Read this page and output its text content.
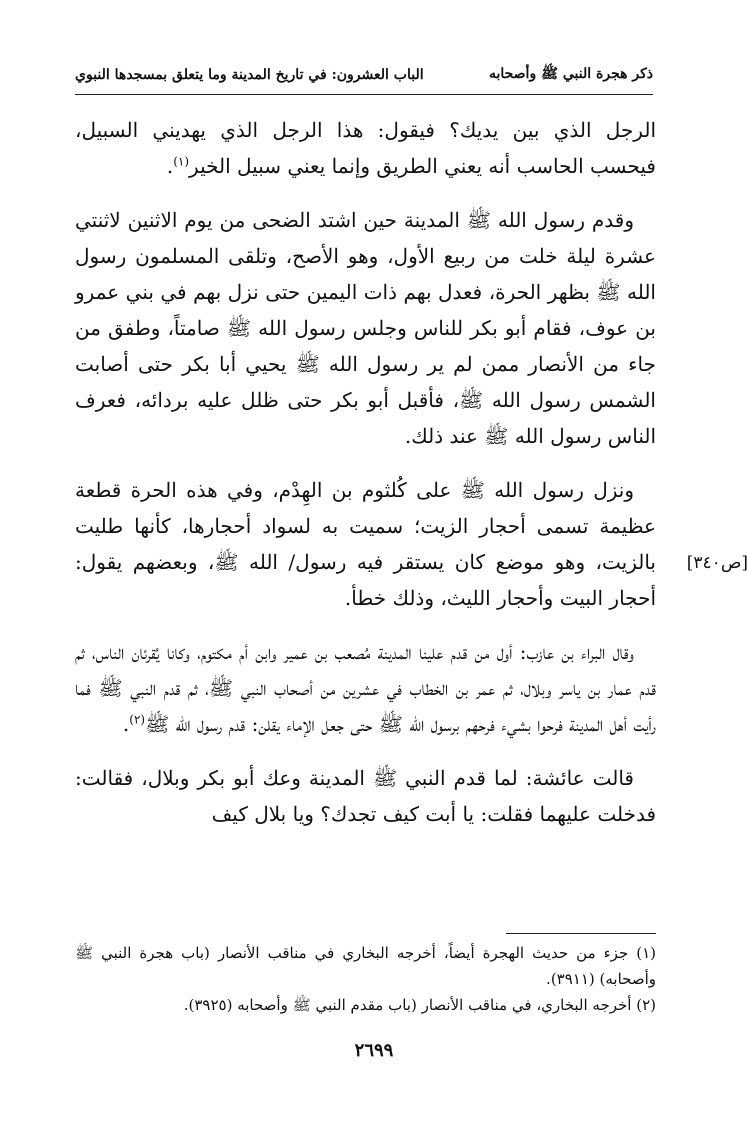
ذكر هجرة النبي ﷺ وأصحابه
الباب العشرون: في تاريخ المدينة وما يتعلق بمسجدها النبوي

الرجل الذي بين يديك؟ فيقول: هذا الرجل الذي يهديني السبيل، فيحسب الحاسب أنه يعني الطريق وإنما يعني سبيل الخير$^{(١)}$.

وقدم رسول الله ﷺ المدينة حين اشتد الضحى من يوم الاثنين لاثنتي عشرة ليلة خلت من ربيع الأول، وهو الأصح، وتلقى المسلمون رسول الله ﷺ بظهر الحرة، فعدل بهم ذات اليمين حتى نزل بهم في بني عمرو بن عوف، فقام أبو بكر للناس وجلس رسول الله ﷺ صامتاً، وطفق من جاء من الأنصار ممن لم ير رسول الله ﷺ يحيي أبا بكر حتى أصابت الشمس رسول الله ﷺ، فأقبل أبو بكر حتى ظلل عليه بردائه، فعرف الناس رسول الله ﷺ عند ذلك.

ونزل رسول الله ﷺ على كُلثوم بن الهِدْم، وفي هذه الحرة قطعة عظيمة تسمى أحجار الزيت؛ سميت به لسواد أحجارها، كأنها طليت بالزيت، وهو موضع كان يستقر فيه رسول/ الله ﷺ، وبعضهم يقول: أحجار البيت وأحجار الليث، وذلك خطأ.

وقال البراء بن عازب: أول من قدم علينا المدينة مُصعب بن عمير وابن أم مكتوم، وكانا يُقرئان الناس، ثم قدم عمار بن ياسر وبلال، ثم عمر بن الخطاب في عشرين من أصحاب النبي ﷺ، ثم قدم النبي ﷺ فما رأيت أهل المدينة فرحوا بشيء فرحهم برسول الله ﷺ حتى جعل الإماء يقلن: قدم رسول الله ﷺ$^{(٢)}$.

قالت عائشة: لما قدم النبي ﷺ المدينة وعك أبو بكر وبلال، فقالت: فدخلت عليهما فقلت: يا أبت كيف تجدك؟ ويا بلال كيف

[ص٣٤٠]

(١) جزء من حديث الهجرة أيضاً، أخرجه البخاري في مناقب الأنصار (باب هجرة النبي ﷺ وأصحابه) (٣٩١١).

(٢) أخرجه البخاري، في مناقب الأنصار (باب مقدم النبي ﷺ وأصحابه (٣٩٢٥).

٢٦٩٩
